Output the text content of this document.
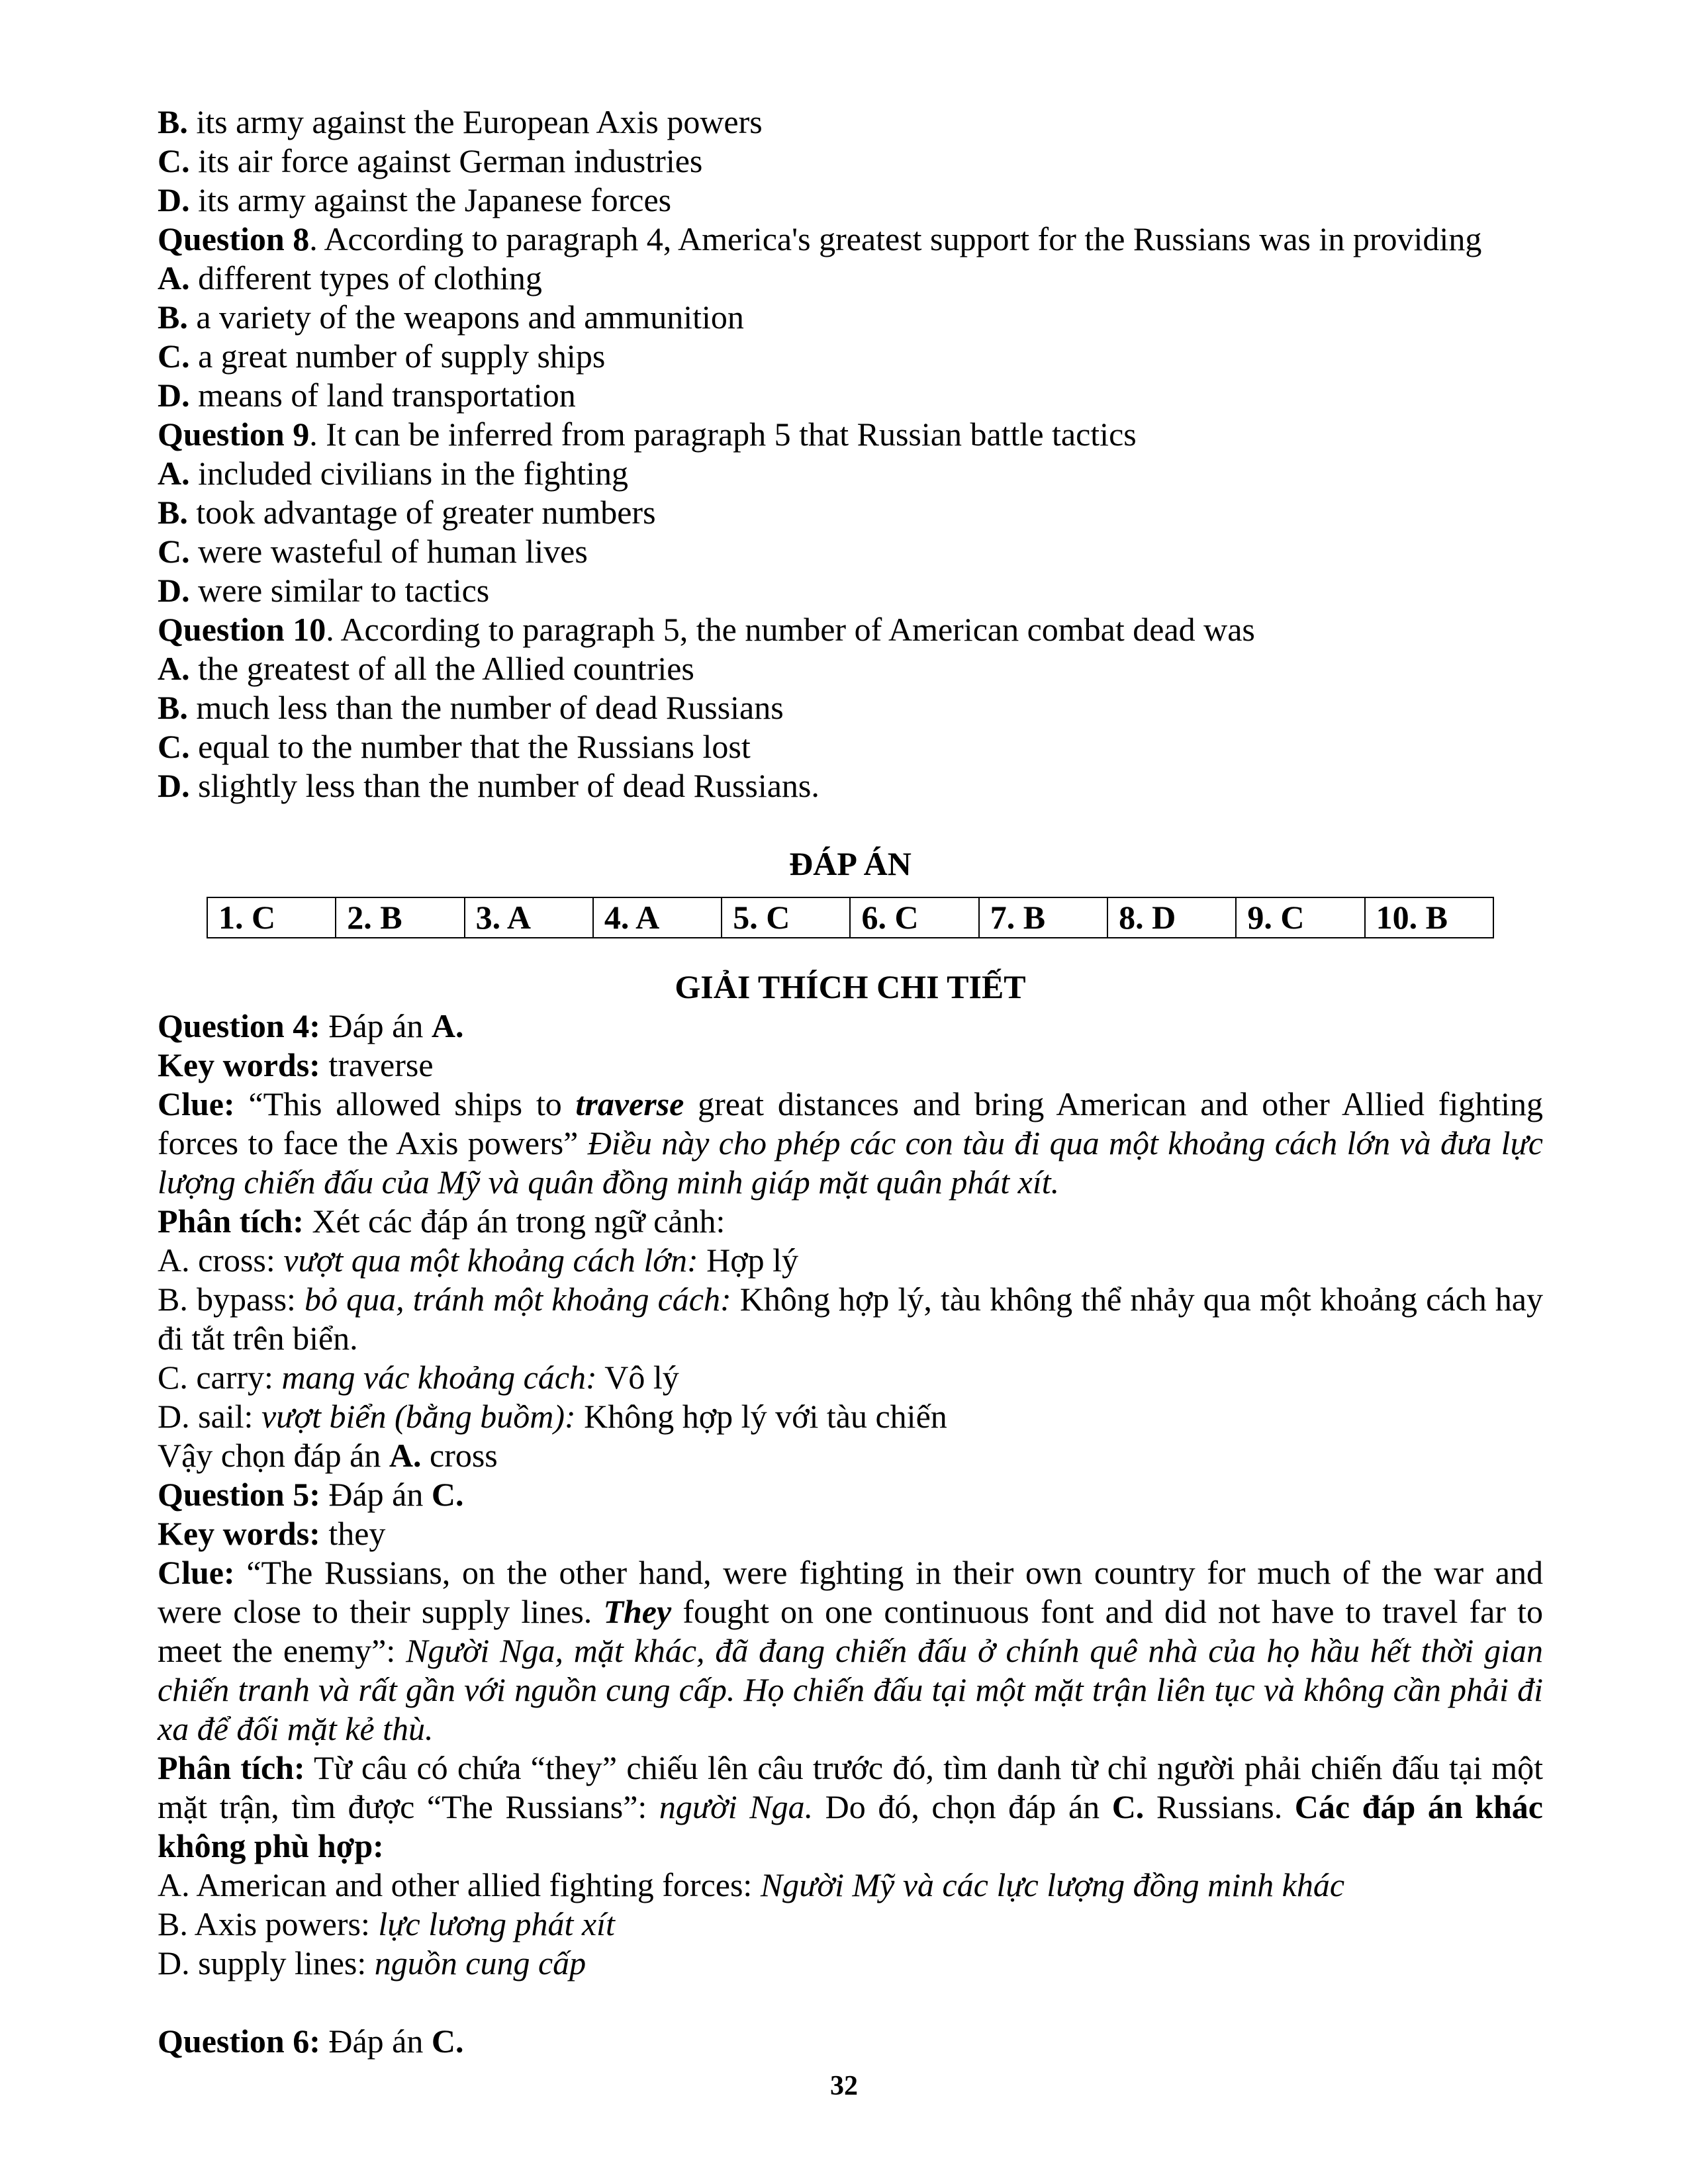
B. its army against the European Axis powers
C. its air force against German industries
D. its army against the Japanese forces
Question 8. According to paragraph 4, America's greatest support for the Russians was in providing
A. different types of clothing
B. a variety of the weapons and ammunition
C. a great number of supply ships
D. means of land transportation
Question 9. It can be inferred from paragraph 5 that Russian battle tactics
A. included civilians in the fighting
B. took advantage of greater numbers
C. were wasteful of human lives
D. were similar to tactics
Question 10. According to paragraph 5, the number of American combat dead was
A. the greatest of all the Allied countries
B. much less than the number of dead Russians
C. equal to the number that the Russians lost
D. slightly less than the number of dead Russians.
ĐÁP ÁN
1. C	2. B	3. A	4. A	5. C	6. C	7. B	8. D	9. C	10. B
GIẢI THÍCH CHI TIẾT
Question 4: Đáp án A.
Key words: traverse
Clue: “This allowed ships to traverse great distances and bring American and other Allied fighting forces to face the Axis powers” Điều này cho phép các con tàu đi qua một khoảng cách lớn và đưa lực lượng chiến đấu của Mỹ và quân đồng minh giáp mặt quân phát xít.
Phân tích: Xét các đáp án trong ngữ cảnh:
A. cross: vượt qua một khoảng cách lớn: Hợp lý
B. bypass: bỏ qua, tránh một khoảng cách: Không hợp lý, tàu không thể nhảy qua một khoảng cách hay đi tắt trên biển.
C. carry: mang vác khoảng cách: Vô lý
D. sail: vượt biển (bằng buồm): Không hợp lý với tàu chiến
Vậy chọn đáp án A. cross
Question 5: Đáp án C.
Key words: they
Clue: “The Russians, on the other hand, were fighting in their own country for much of the war and were close to their supply lines. They fought on one continuous font and did not have to travel far to meet the enemy”: Người Nga, mặt khác, đã đang chiến đấu ở chính quê nhà của họ hầu hết thời gian chiến tranh và rất gần với nguồn cung cấp. Họ chiến đấu tại một mặt trận liên tục và không cần phải đi xa để đối mặt kẻ thù.
Phân tích: Từ câu có chứa “they” chiếu lên câu trước đó, tìm danh từ chỉ người phải chiến đấu tại một mặt trận, tìm được “The Russians”: người Nga. Do đó, chọn đáp án C. Russians. Các đáp án khác không phù hợp:
A. American and other allied fighting forces: Người Mỹ và các lực lượng đồng minh khác
B. Axis powers: lực lương phát xít
D. supply lines: nguồn cung cấp

Question 6: Đáp án C.
32
